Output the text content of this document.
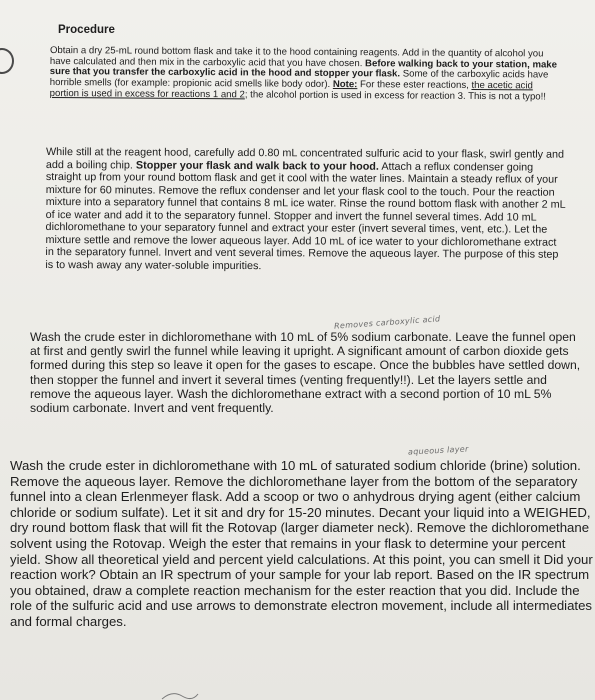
Procedure

Obtain a dry 25-mL round bottom flask and take it to the hood containing reagents. Add in the quantity of alcohol you have calculated and then mix in the carboxylic acid that you have chosen. Before walking back to your station, make sure that you transfer the carboxylic acid in the hood and stopper your flask. Some of the carboxylic acids have horrible smells (for example: propionic acid smells like body odor). Note: For these ester reactions, the acetic acid portion is used in excess for reactions 1 and 2; the alcohol portion is used in excess for reaction 3. This is not a typo!!

While still at the reagent hood, carefully add 0.80 mL concentrated sulfuric acid to your flask, swirl gently and add a boiling chip. Stopper your flask and walk back to your hood. Attach a reflux condenser going straight up from your round bottom flask and get it cool with the water lines. Maintain a steady reflux of your mixture for 60 minutes. Remove the reflux condenser and let your flask cool to the touch. Pour the reaction mixture into a separatory funnel that contains 8 mL ice water. Rinse the round bottom flask with another 2 mL of ice water and add it to the separatory funnel. Stopper and invert the funnel several times. Add 10 mL dichloromethane to your separatory funnel and extract your ester (invert several times, vent, etc.). Let the mixture settle and remove the lower aqueous layer. Add 10 mL of ice water to your dichloromethane extract in the separatory funnel. Invert and vent several times. Remove the aqueous layer. The purpose of this step is to wash away any water-soluble impurities.

Removes carboxylic acid

Wash the crude ester in dichloromethane with 10 mL of 5% sodium carbonate. Leave the funnel open at first and gently swirl the funnel while leaving it upright. A significant amount of carbon dioxide gets formed during this step so leave it open for the gases to escape. Once the bubbles have settled down, then stopper the funnel and invert it several times (venting frequently!!). Let the layers settle and remove the aqueous layer. Wash the dichloromethane extract with a second portion of 10 mL 5% sodium carbonate. Invert and vent frequently.

aqueous layer

Wash the crude ester in dichloromethane with 10 mL of saturated sodium chloride (brine) solution. Remove the aqueous layer. Remove the dichloromethane layer from the bottom of the separatory funnel into a clean Erlenmeyer flask. Add a scoop or two o anhydrous drying agent (either calcium chloride or sodium sulfate). Let it sit and dry for 15-20 minutes. Decant your liquid into a WEIGHED, dry round bottom flask that will fit the Rotovap (larger diameter neck). Remove the dichloromethane solvent using the Rotovap. Weigh the ester that remains in your flask to determine your percent yield. Show all theoretical yield and percent yield calculations. At this point, you can smell it Did your reaction work? Obtain an IR spectrum of your sample for your lab report. Based on the IR spectrum you obtained, draw a complete reaction mechanism for the ester reaction that you did. Include the role of the sulfuric acid and use arrows to demonstrate electron movement, include all intermediates and formal charges.
